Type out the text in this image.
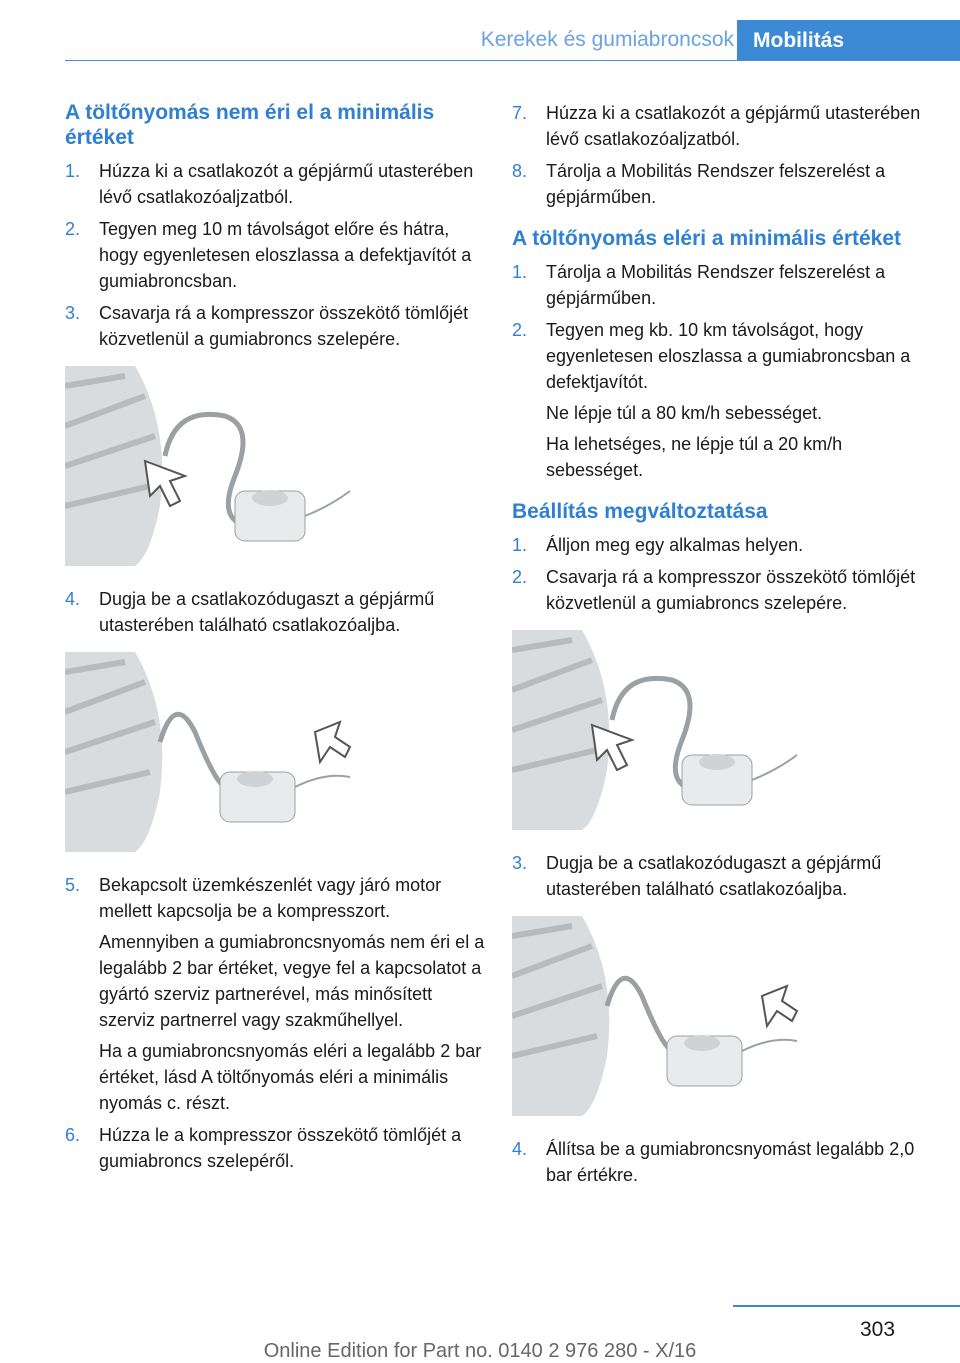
Kerekek és gumiabroncsok Mobilitás
A töltőnyomás nem éri el a minimális értéket
1. Húzza ki a csatlakozót a gépjármű utasterében lévő csatlakozóaljzatból.

2. Tegyen meg 10 m távolságot előre és hátra, hogy egyenletesen eloszlassa a defektjavítót a gumiabroncsban.

3. Csavarja rá a kompresszor összekötő tömlőjét közvetlenül a gumiabroncs szelepére.

4. Dugja be a csatlakozódugaszt a gépjármű utasterében található csatlakozóaljba.

5. Bekapcsolt üzemkészenlét vagy járó motor mellett kapcsolja be a kompresszort.

Amennyiben a gumiabroncsnyomás nem éri el a legalább 2 bar értéket, vegye fel a kapcsolatot a gyártó szerviz partnerével, más minősített szerviz partnerrel vagy szakműhellyel.

Ha a gumiabroncsnyomás eléri a legalább 2 bar értéket, lásd A töltőnyomás eléri a minimális nyomás c. részt.

6. Húzza le a kompresszor összekötő tömlőjét a gumiabroncs szelepéről.

7. Húzza ki a csatlakozót a gépjármű utasterében lévő csatlakozóaljzatból.

8. Tárolja a Mobilitás Rendszer felszerelést a gépjárműben.

A töltőnyomás eléri a minimális értéket
1. Tárolja a Mobilitás Rendszer felszerelést a gépjárműben.

2. Tegyen meg kb. 10 km távolságot, hogy egyenletesen eloszlassa a gumiabroncsban a defektjavítót.

Ne lépje túl a 80 km/h sebességet.

Ha lehetséges, ne lépje túl a 20 km/h sebességet.

Beállítás megváltoztatása
1. Álljon meg egy alkalmas helyen.

2. Csavarja rá a kompresszor összekötő tömlőjét közvetlenül a gumiabroncs szelepére.

3. Dugja be a csatlakozódugaszt a gépjármű utasterében található csatlakozóaljba.

4. Állítsa be a gumiabroncsnyomást legalább 2,0 bar értékre.

303
Online Edition for Part no. 0140 2 976 280 - X/16
